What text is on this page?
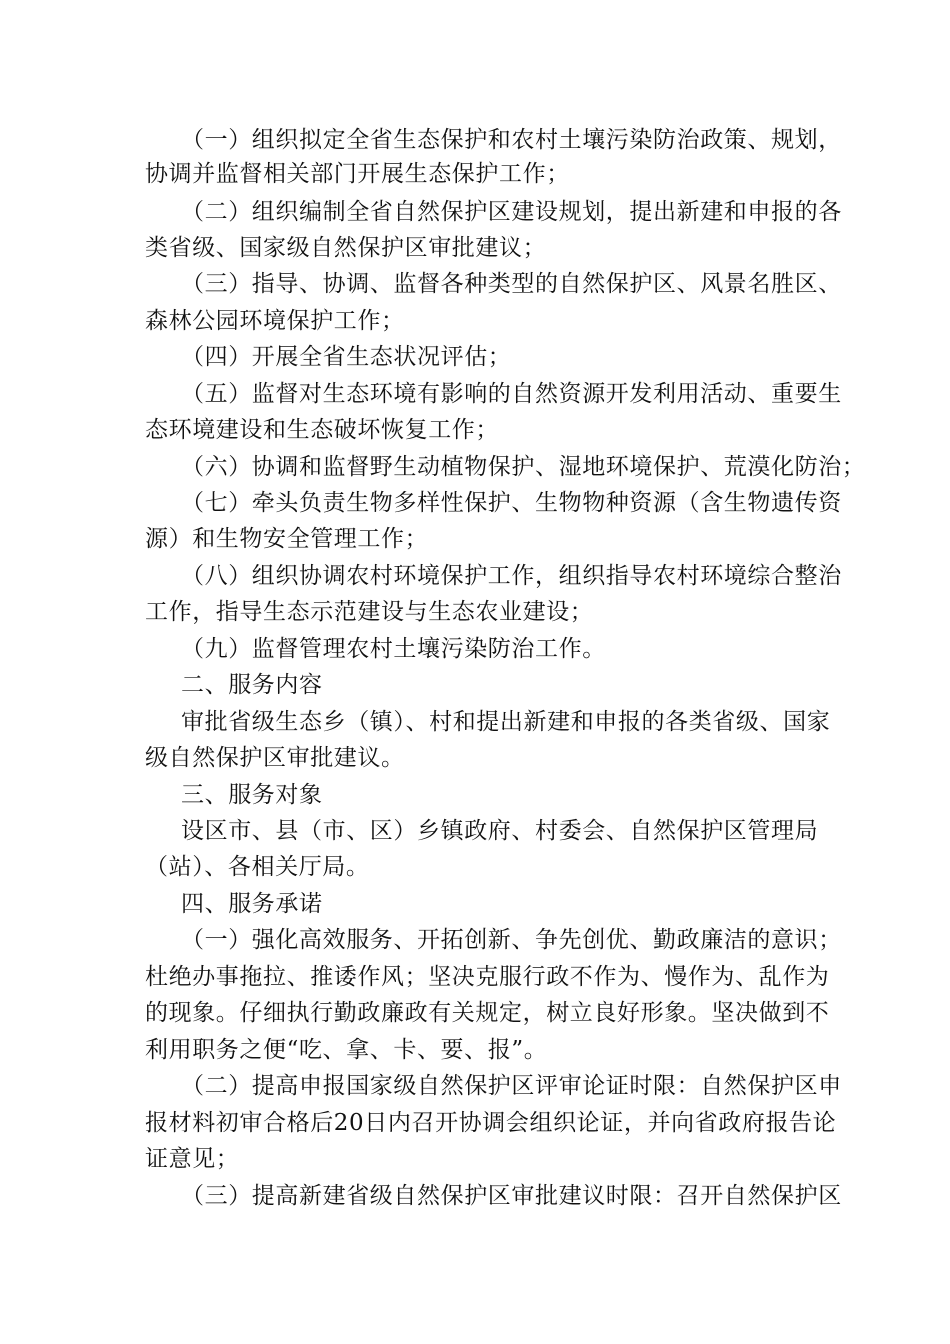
（一）组织拟定全省生态保护和农村土壤污染防治政策、规划，
协调并监督相关部门开展生态保护工作；
（二）组织编制全省自然保护区建设规划，提出新建和申报的各
类省级、国家级自然保护区审批建议；
（三）指导、协调、监督各种类型的自然保护区、风景名胜区、
森林公园环境保护工作；
（四）开展全省生态状况评估；
（五）监督对生态环境有影响的自然资源开发利用活动、重要生
态环境建设和生态破坏恢复工作；
（六）协调和监督野生动植物保护、湿地环境保护、荒漠化防治；
（七）牵头负责生物多样性保护、生物物种资源（含生物遗传资
源）和生物安全管理工作；
（八）组织协调农村环境保护工作，组织指导农村环境综合整治
工作，指导生态示范建设与生态农业建设；
（九）监督管理农村土壤污染防治工作。
二、服务内容
审批省级生态乡（镇）、村和提出新建和申报的各类省级、国家
级自然保护区审批建议。
三、服务对象
设区市、县（市、区）乡镇政府、村委会、自然保护区管理局
（站）、各相关厅局。
四、服务承诺
（一）强化高效服务、开拓创新、争先创优、勤政廉洁的意识；
杜绝办事拖拉、推诿作风；坚决克服行政不作为、慢作为、乱作为
的现象。仔细执行勤政廉政有关规定，树立良好形象。坚决做到不
利用职务之便“吃、拿、卡、要、报”。
（二）提高申报国家级自然保护区评审论证时限：自然保护区申
报材料初审合格后20日内召开协调会组织论证，并向省政府报告论
证意见；
（三）提高新建省级自然保护区审批建议时限：召开自然保护区
